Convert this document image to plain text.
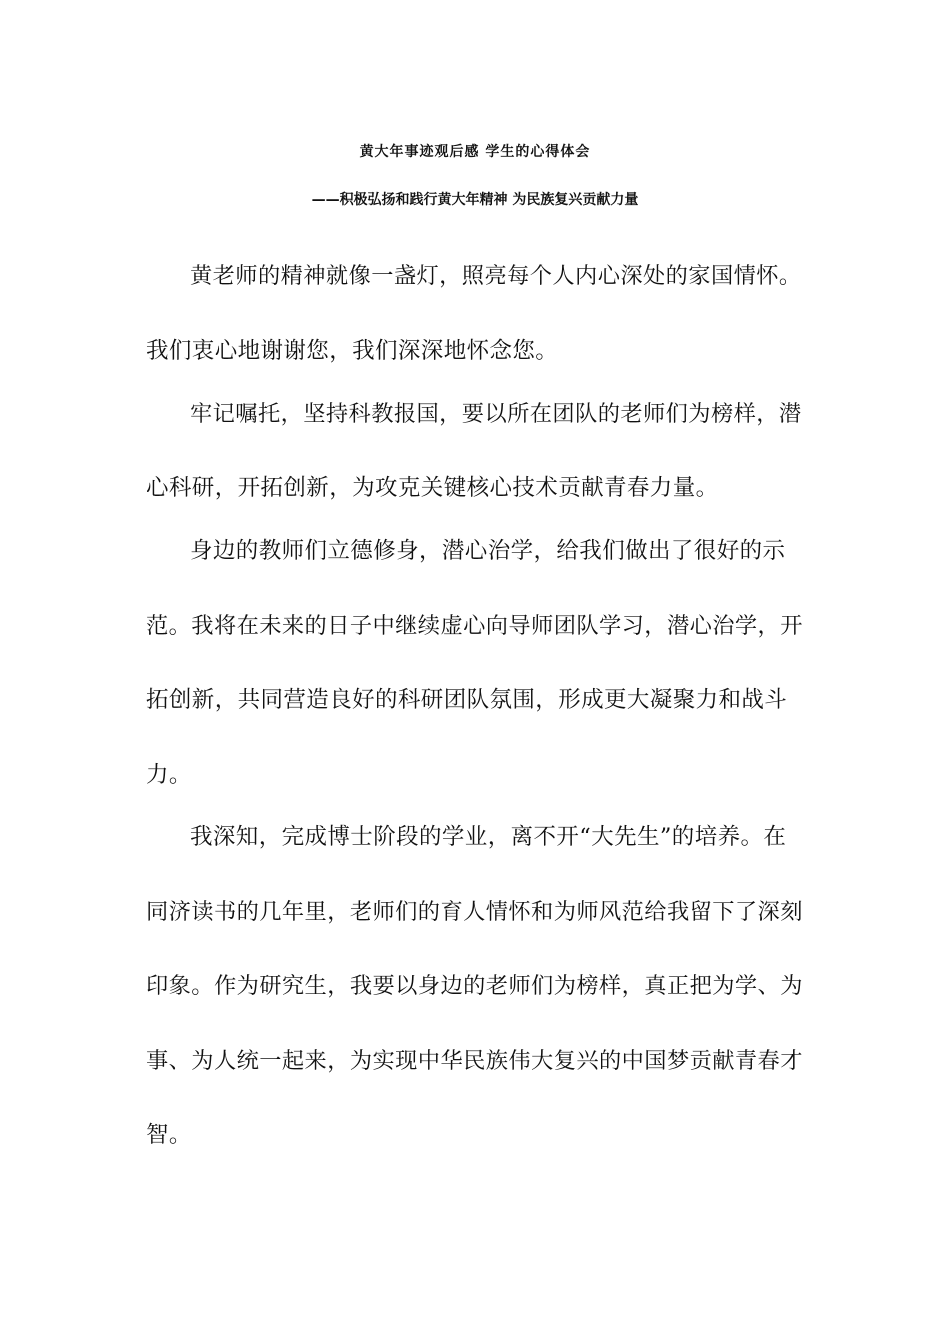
黄大年事迹观后感 学生的心得体会
——积极弘扬和践行黄大年精神 为民族复兴贡献力量
黄老师的精神就像一盏灯，照亮每个人内心深处的家国情怀。
我们衷心地谢谢您，我们深深地怀念您。
牢记嘱托，坚持科教报国，要以所在团队的老师们为榜样，潜
心科研，开拓创新，为攻克关键核心技术贡献青春力量。
身边的教师们立德修身，潜心治学，给我们做出了很好的示
范。我将在未来的日子中继续虚心向导师团队学习，潜心治学，开
拓创新，共同营造良好的科研团队氛围，形成更大凝聚力和战斗
力。
我深知，完成博士阶段的学业，离不开“大先生”的培养。在
同济读书的几年里，老师们的育人情怀和为师风范给我留下了深刻
印象。作为研究生，我要以身边的老师们为榜样，真正把为学、为
事、为人统一起来，为实现中华民族伟大复兴的中国梦贡献青春才
智。
